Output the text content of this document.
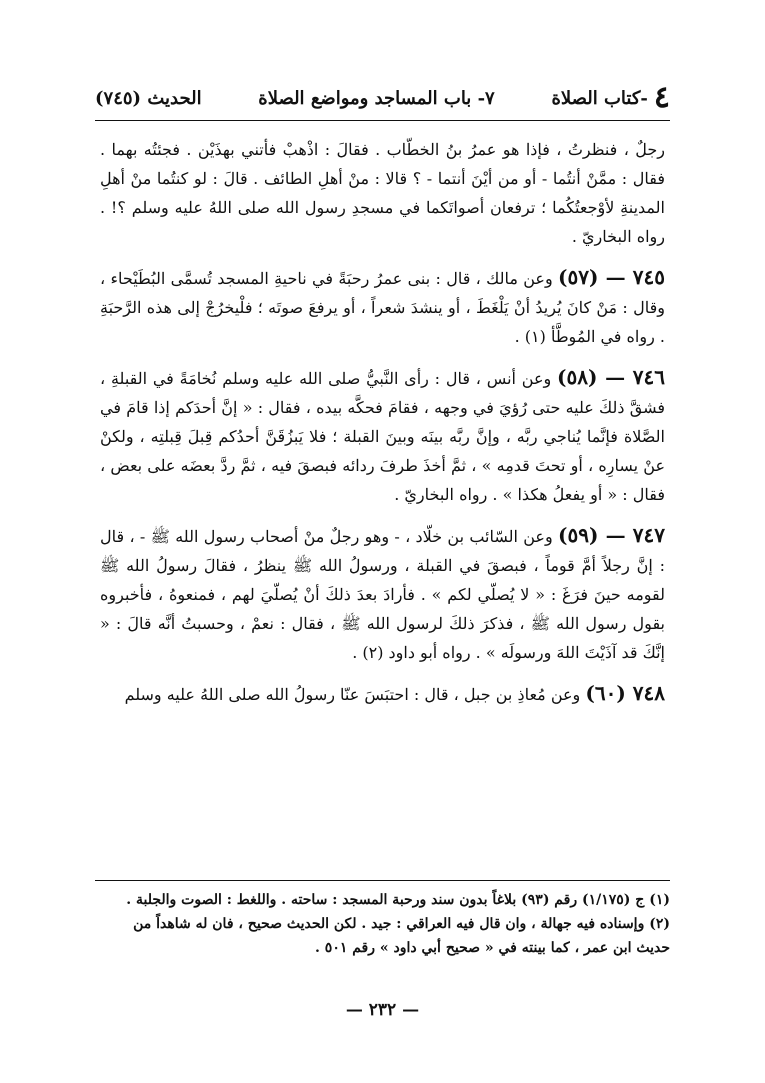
٤
-كتاب الصلاة
٧- باب المساجد ومواضع الصلاة
الحديث (٧٤٥)

رجلٌ ، فنظرتُ ، فإذا هو عمرُ بنُ الخطّاب . فقالَ : اذْهبْ فأتني بهذَيْن . فجئتُه بهما . فقال : ممَّنْ أنتُما - أو من أيْنَ أنتما - ؟ قالا : منْ أهلِ الطائف . قالَ : لو كنتُما منْ أهلِ المدينةِ لأوْجعتُكُما ؛ ترفعان أصواتَكما في مسجدِ رسول الله صلى اللهُ عليه وسلم ؟! . رواه البخاريّ .

٧٤٥ — (٥٧) وعن مالك ، قال : بنى عمرُ رحبَةً في ناحيةِ المسجد تُسمَّى البُطَيْحاء ، وقال : مَنْ كانَ يُريدُ أنْ يَلْغَطَ ، أو ينشدَ شعراً ، أو يرفعَ صوتَه ؛ فلْيخرُجْ إلى هذه الرَّحبَةِ . رواه في المُوطَّأ (١) .

٧٤٦ — (٥٨) وعن أنس ، قال : رأى النَّبيُّ صلى الله عليه وسلم نُخامَةً في القبلةِ ، فشقَّ ذلكَ عليه حتى رُؤيَ في وجهه ، فقامَ فحكَّه بيده ، فقال : « إنَّ أحدَكم إذا قامَ في الصَّلاة فإنَّما يُناجي ربَّه ، وإنَّ ربَّه بينَه وبينَ القبلة ؛ فلا يَبزُقَنَّ أحدُكم قِبلَ قِبلتِه ، ولكنْ عنْ يسارِه ، أو تحتَ قدمِه » ، ثمَّ أخذَ طرفَ ردائه فبصقَ فيه ، ثمَّ ردَّ بعضَه على بعض ، فقال : « أو يفعلُ هكذا » . رواه البخاريّ .

٧٤٧ — (٥٩) وعن السّائب بن خلّاد ، - وهو رجلٌ منْ أصحاب رسول الله ﷺ - ، قال : إنَّ رجلاً أمَّ قوماً ، فبصقَ في القبلة ، ورسولُ الله ﷺ ينظرُ ، فقالَ رسولُ الله ﷺ لقومه حينَ فرَغَ : « لا يُصلّي لكم » . فأرادَ بعدَ ذلكَ أنْ يُصلّيَ لهم ، فمنعوهُ ، فأخبروه بقول رسول الله ﷺ ، فذكرَ ذلكَ لرسول الله ﷺ ، فقال : نعمْ ، وحسبتُ أنَّه قالَ : « إنَّكَ قد آذَيْتَ اللهَ ورسولَه » . رواه أبو داود (٢) .

٧٤٨ (٦٠) وعن مُعاذِ بن جبل ، قال : احتبَسَ عنّا رسولُ الله صلى اللهُ عليه وسلم

(١) ج (١/١٧٥) رقم (٩٣) بلاغاً بدون سند ورحبة المسجد : ساحته . واللغط : الصوت والجلبة .
(٢) وإسناده فيه جهالة ، وان قال فيه العراقي : جيد . لكن الحديث صحيح ، فان له شاهداً من حديث ابن عمر ، كما بينته في « صحيح أبي داود » رقم ٥٠١ .
— ٢٣٢ —
